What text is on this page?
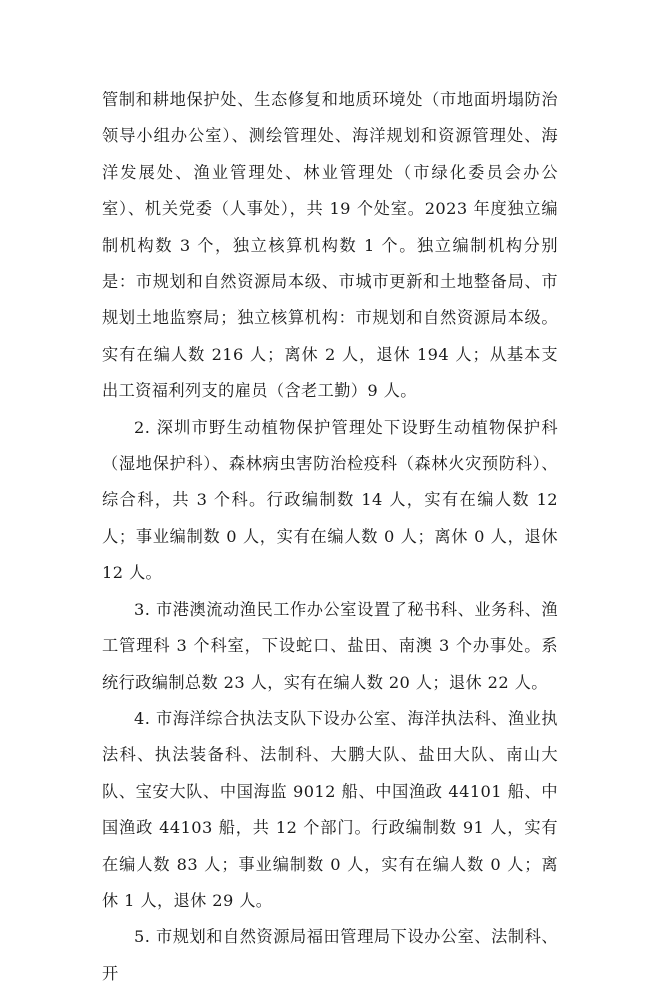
管制和耕地保护处、生态修复和地质环境处（市地面坍塌防治领导小组办公室）、测绘管理处、海洋规划和资源管理处、海洋发展处、渔业管理处、林业管理处（市绿化委员会办公室）、机关党委（人事处），共 19 个处室。2023 年度独立编制机构数 3 个，独立核算机构数 1 个。独立编制机构分别是：市规划和自然资源局本级、市城市更新和土地整备局、市规划土地监察局；独立核算机构：市规划和自然资源局本级。实有在编人数 216 人；离休 2 人，退休 194 人；从基本支出工资福利列支的雇员（含老工勤）9 人。

2. 深圳市野生动植物保护管理处下设野生动植物保护科（湿地保护科）、森林病虫害防治检疫科（森林火灾预防科）、综合科，共 3 个科。行政编制数 14 人，实有在编人数 12 人；事业编制数 0 人，实有在编人数 0 人；离休 0 人，退休 12 人。

3. 市港澳流动渔民工作办公室设置了秘书科、业务科、渔工管理科 3 个科室，下设蛇口、盐田、南澳 3 个办事处。系统行政编制总数 23 人，实有在编人数 20 人；退休 22 人。

4. 市海洋综合执法支队下设办公室、海洋执法科、渔业执法科、执法装备科、法制科、大鹏大队、盐田大队、南山大队、宝安大队、中国海监 9012 船、中国渔政 44101 船、中国渔政 44103 船，共 12 个部门。行政编制数 91 人，实有在编人数 83 人；事业编制数 0 人，实有在编人数 0 人；离休 1 人，退休 29 人。

5. 市规划和自然资源局福田管理局下设办公室、法制科、开
